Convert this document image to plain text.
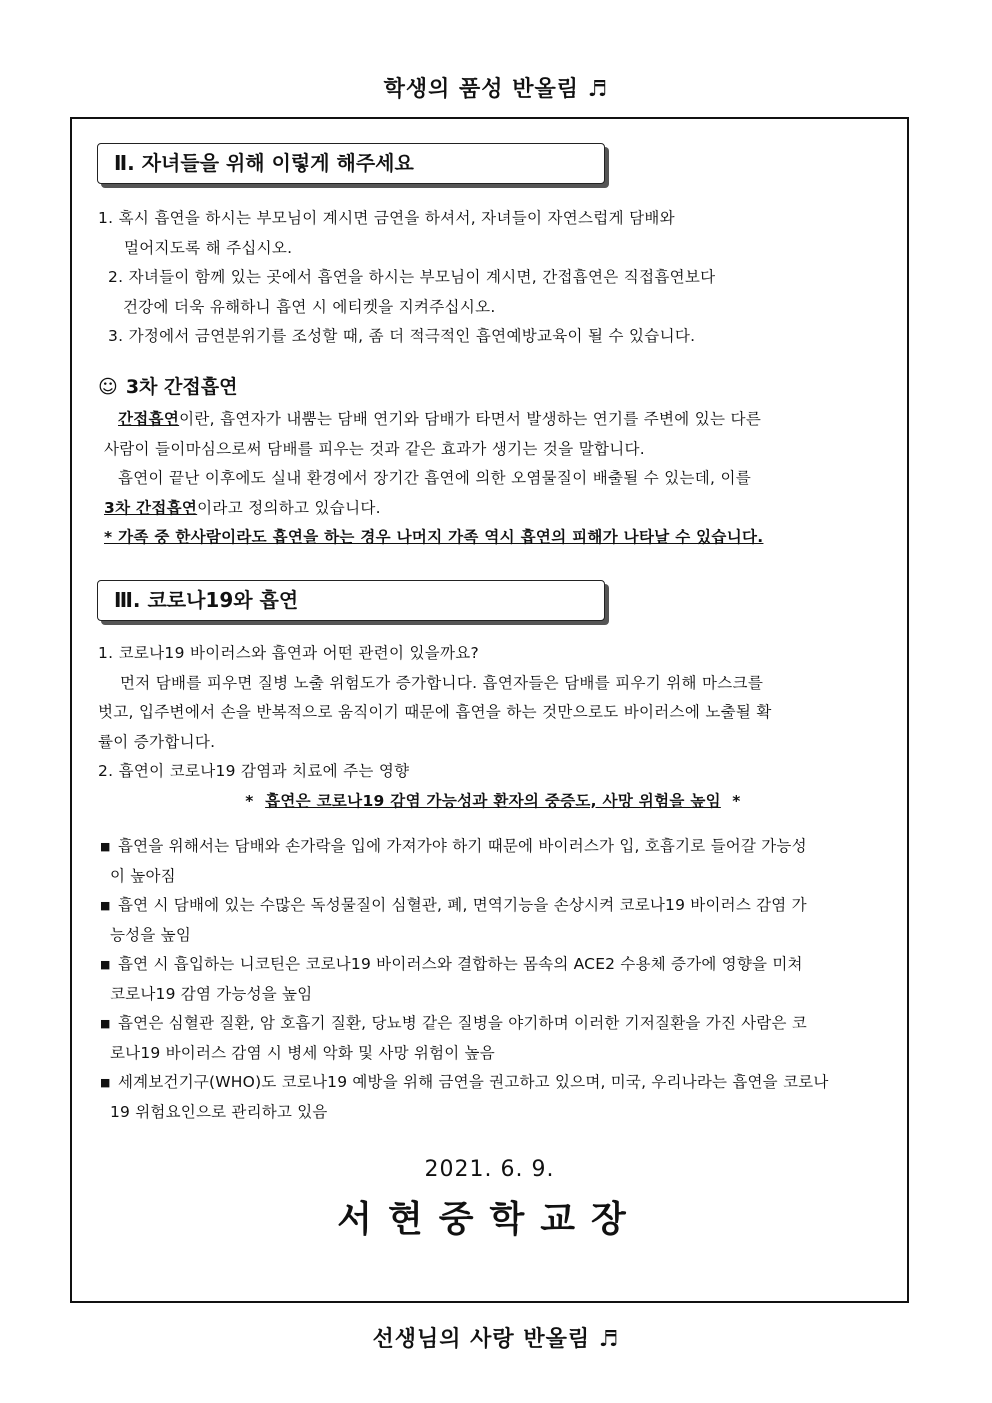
학생의 품성 반올림 ♬
Ⅱ. 자녀들을 위해 이렇게 해주세요

1. 혹시 흡연을 하시는 부모님이 계시면 금연을 하셔서, 자녀들이 자연스럽게 담배와

멀어지도록 해 주십시오.

2. 자녀들이 함께 있는 곳에서 흡연을 하시는 부모님이 계시면, 간접흡연은 직접흡연보다

건강에 더욱 유해하니 흡연 시 에티켓을 지켜주십시오.

3. 가정에서 금연분위기를 조성할 때, 좀 더 적극적인 흡연예방교육이 될 수 있습니다.

☺ 3차 간접흡연

간접흡연이란, 흡연자가 내뿜는 담배 연기와 담배가 타면서 발생하는 연기를 주변에 있는 다른

사람이 들이마심으로써 담배를 피우는 것과 같은 효과가 생기는 것을 말합니다.

흡연이 끝난 이후에도 실내 환경에서 장기간 흡연에 의한 오염물질이 배출될 수 있는데, 이를

3차 간접흡연이라고 정의하고 있습니다.

* 가족 중 한사람이라도 흡연을 하는 경우 나머지 가족 역시 흡연의 피해가 나타날 수 있습니다.

Ⅲ. 코로나19와 흡연

1. 코로나19 바이러스와 흡연과 어떤 관련이 있을까요?

먼저 담배를 피우면 질병 노출 위험도가 증가합니다. 흡연자들은 담배를 피우기 위해 마스크를

벗고, 입주변에서 손을 반복적으로 움직이기 때문에 흡연을 하는 것만으로도 바이러스에 노출될 확

률이 증가합니다.

2. 흡연이 코로나19 감염과 치료에 주는 영향

* 흡연은 코로나19 감염 가능성과 환자의 중증도, 사망 위험을 높임 *

■ 흡연을 위해서는 담배와 손가락을 입에 가져가야 하기 때문에 바이러스가 입, 호흡기로 들어갈 가능성
이 높아짐
■ 흡연 시 담배에 있는 수많은 독성물질이 심혈관, 폐, 면역기능을 손상시켜 코로나19 바이러스 감염 가
능성을 높임
■ 흡연 시 흡입하는 니코틴은 코로나19 바이러스와 결합하는 몸속의 ACE2 수용체 증가에 영향을 미쳐
코로나19 감염 가능성을 높임
■ 흡연은 심혈관 질환, 암 호흡기 질환, 당뇨병 같은 질병을 야기하며 이러한 기저질환을 가진 사람은 코
로나19 바이러스 감염 시 병세 악화 및 사망 위험이 높음
■ 세계보건기구(WHO)도 코로나19 예방을 위해 금연을 권고하고 있으며, 미국, 우리나라는 흡연을 코로나
19 위험요인으로 관리하고 있음
2021. 6. 9.
서현중학교장
선생님의 사랑 반올림 ♬
